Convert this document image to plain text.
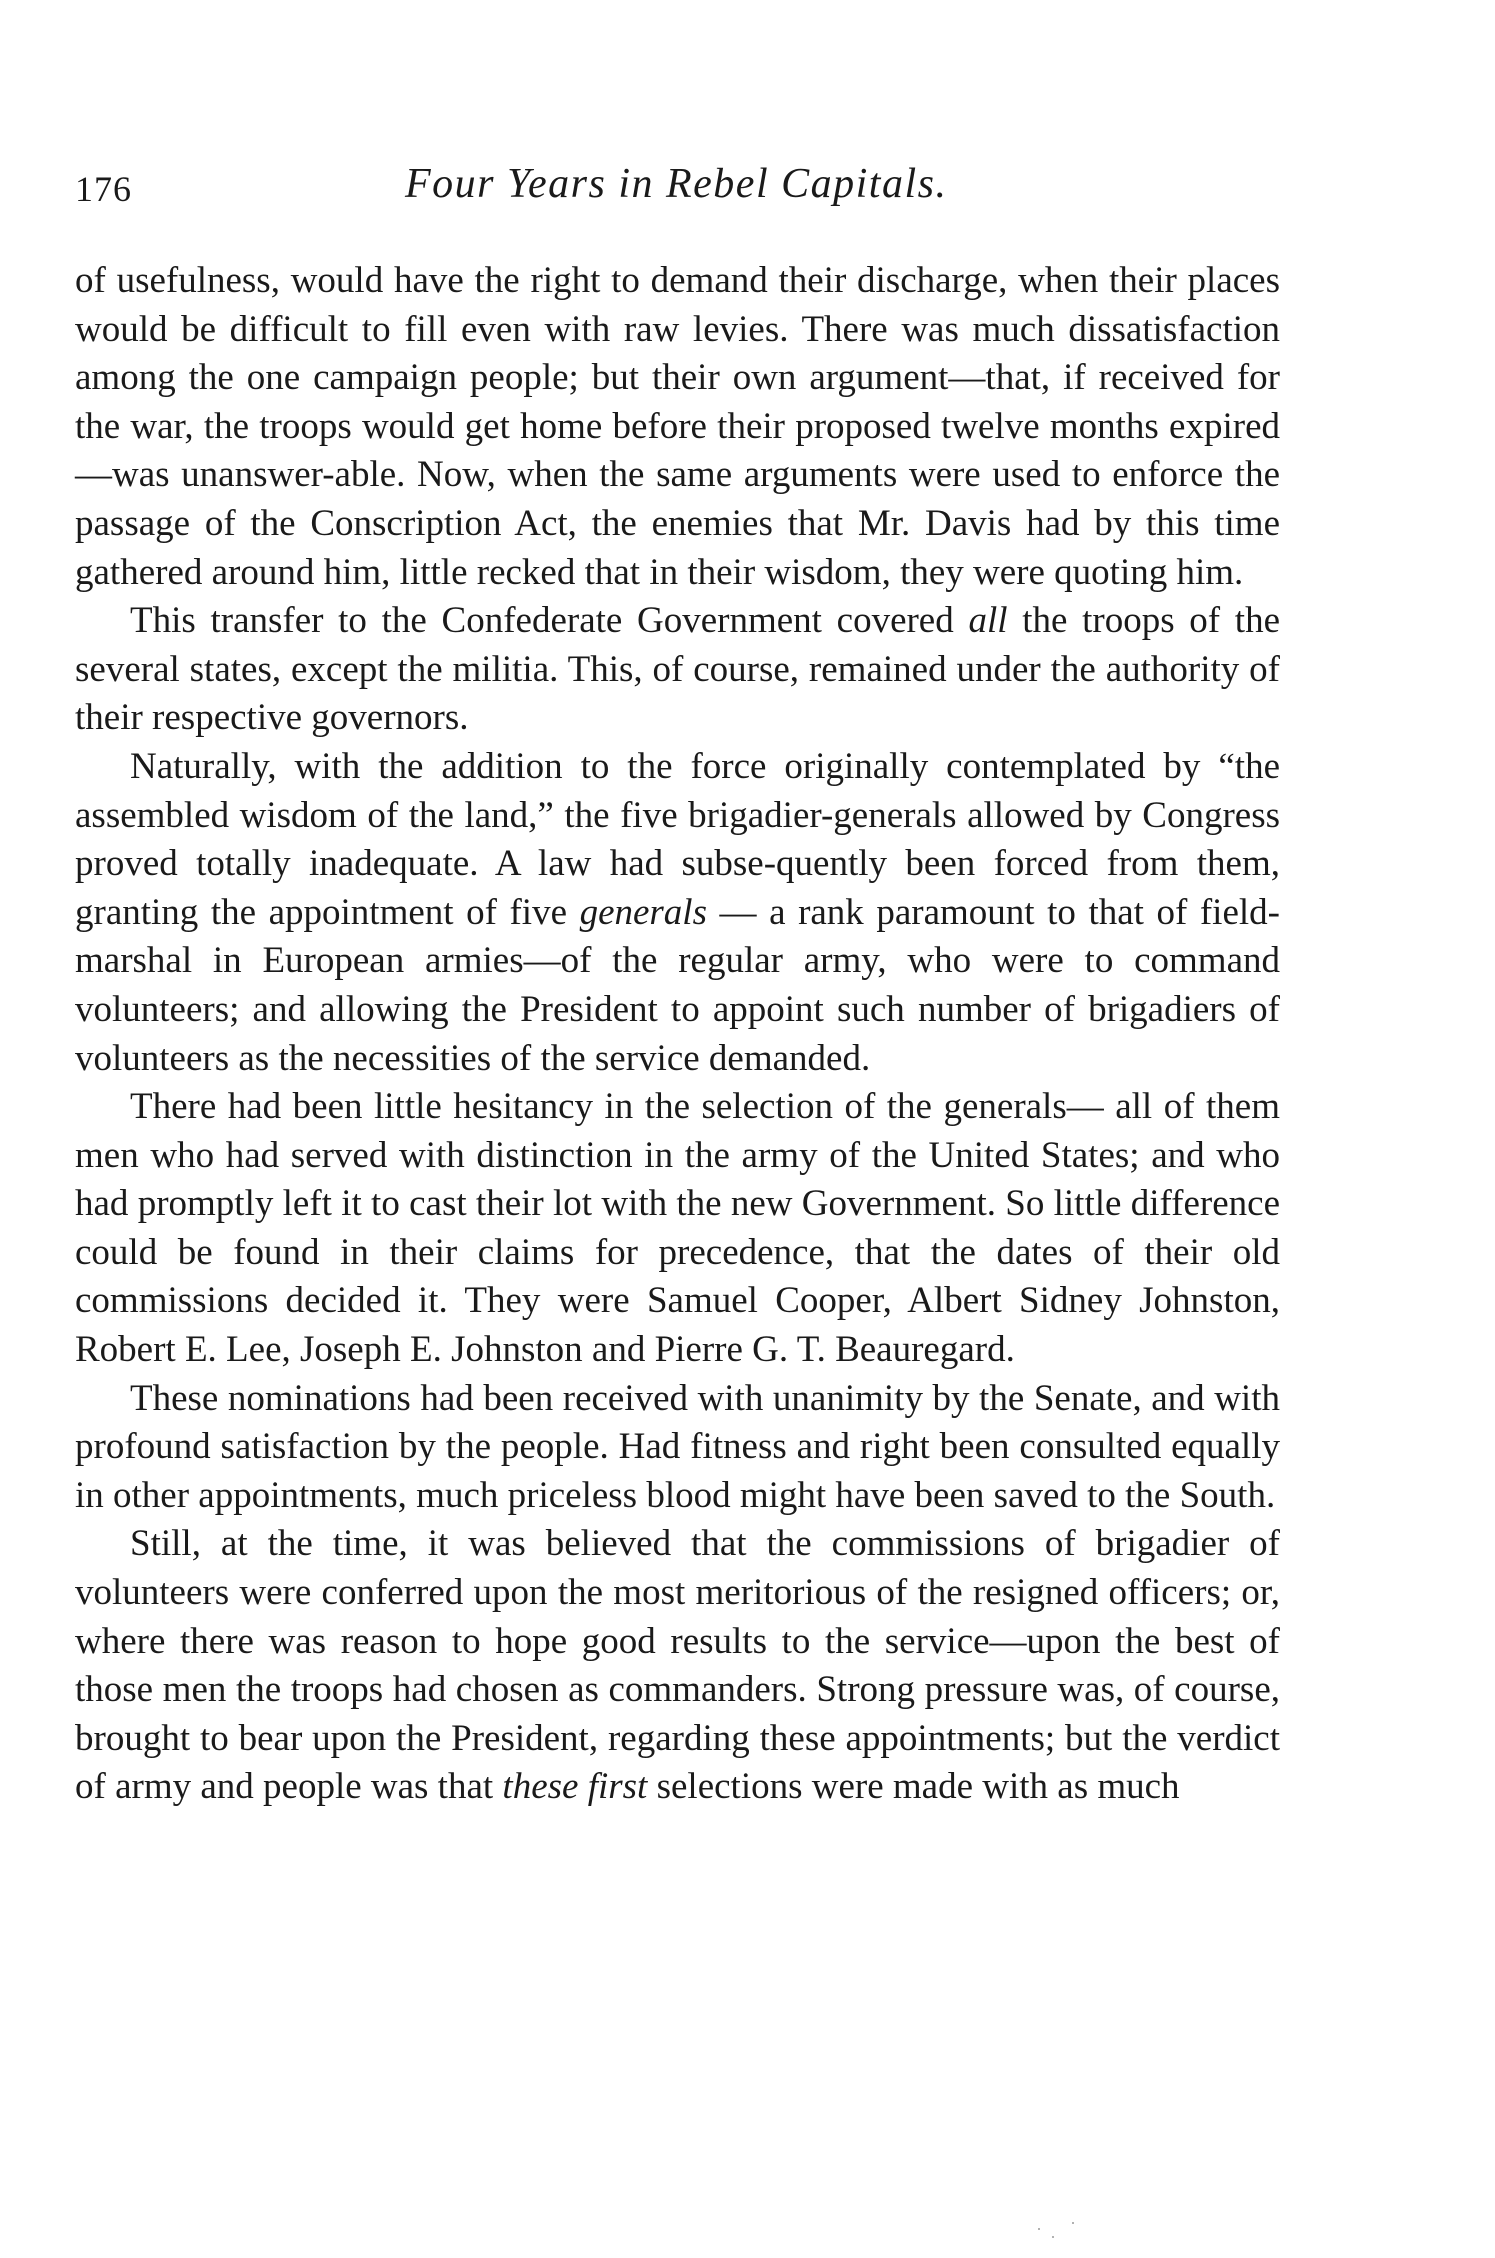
176	Four Years in Rebel Capitals.

of usefulness, would have the right to demand their discharge, when their places would be difficult to fill even with raw levies. There was much dissatisfaction among the one campaign people; but their own argument—that, if received for the war, the troops would get home before their proposed twelve months expired—was unanswer-able. Now, when the same arguments were used to enforce the passage of the Conscription Act, the enemies that Mr. Davis had by this time gathered around him, little recked that in their wisdom, they were quoting him.

This transfer to the Confederate Government covered all the troops of the several states, except the militia. This, of course, remained under the authority of their respective governors.

Naturally, with the addition to the force originally contemplated by “the assembled wisdom of the land,” the five brigadier-generals allowed by Congress proved totally inadequate. A law had subse-quently been forced from them, granting the appointment of five generals — a rank paramount to that of field-marshal in European armies—of the regular army, who were to command volunteers; and allowing the President to appoint such number of brigadiers of volunteers as the necessities of the service demanded.

There had been little hesitancy in the selection of the generals— all of them men who had served with distinction in the army of the United States; and who had promptly left it to cast their lot with the new Government. So little difference could be found in their claims for precedence, that the dates of their old commissions decided it. They were Samuel Cooper, Albert Sidney Johnston, Robert E. Lee, Joseph E. Johnston and Pierre G. T. Beauregard.

These nominations had been received with unanimity by the Senate, and with profound satisfaction by the people. Had fitness and right been consulted equally in other appointments, much priceless blood might have been saved to the South.

Still, at the time, it was believed that the commissions of brigadier of volunteers were conferred upon the most meritorious of the resigned officers; or, where there was reason to hope good results to the service—upon the best of those men the troops had chosen as commanders. Strong pressure was, of course, brought to bear upon the President, regarding these appointments; but the verdict of army and people was that these first selections were made with as much
